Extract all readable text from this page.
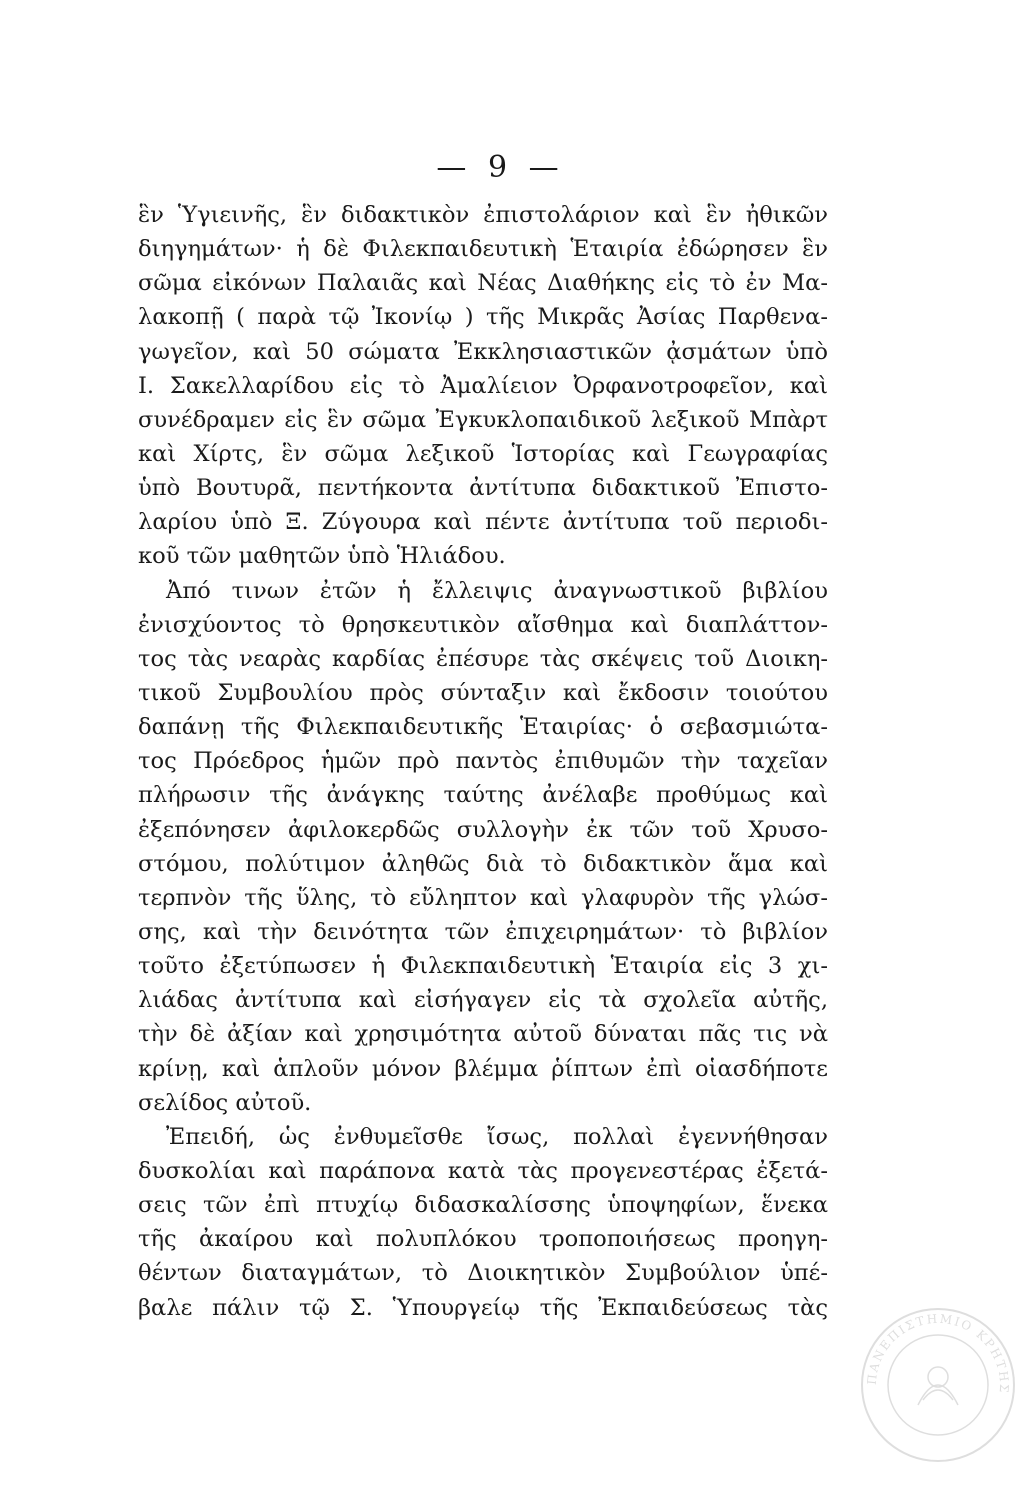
— 9 —
ἓν Ὑγιεινῆς, ἓν διδακτικὸν ἐπιστολάριον καὶ ἓν ἠθικῶν
διηγημάτων· ἡ δὲ Φιλεκπαιδευτικὴ Ἑταιρία ἐδώρησεν ἓν
σῶμα εἰκόνων Παλαιᾶς καὶ Νέας Διαθήκης εἰς τὸ ἐν Μα-
λακοπῇ ( παρὰ τῷ Ἰκονίῳ ) τῆς Μικρᾶς Ἀσίας Παρθενα-
γωγεῖον, καὶ 50 σώματα Ἐκκλησιαστικῶν ᾀσμάτων ὑπὸ
Ι. Σακελλαρίδου εἰς τὸ Ἀμαλίειον Ὀρφανοτροφεῖον, καὶ
συνέδραμεν εἰς ἓν σῶμα Ἐγκυκλοπαιδικοῦ λεξικοῦ Μπὰρτ
καὶ Χίρτς, ἓν σῶμα λεξικοῦ Ἱστορίας καὶ Γεωγραφίας
ὑπὸ Βουτυρᾶ, πεντήκοντα ἀντίτυπα διδακτικοῦ Ἐπιστο-
λαρίου ὑπὸ Ξ. Ζύγουρα καὶ πέντε ἀντίτυπα τοῦ περιοδι-
κοῦ τῶν μαθητῶν ὑπὸ Ἡλιάδου.
Ἀπό τινων ἐτῶν ἡ ἔλλειψις ἀναγνωστικοῦ βιβλίου
ἐνισχύοντος τὸ θρησκευτικὸν αἴσθημα καὶ διαπλάττον-
τος τὰς νεαρὰς καρδίας ἐπέσυρε τὰς σκέψεις τοῦ Διοικη-
τικοῦ Συμβουλίου πρὸς σύνταξιν καὶ ἔκδοσιν τοιούτου
δαπάνῃ τῆς Φιλεκπαιδευτικῆς Ἑταιρίας· ὁ σεβασμιώτα-
τος Πρόεδρος ἡμῶν πρὸ παντὸς ἐπιθυμῶν τὴν ταχεῖαν
πλήρωσιν τῆς ἀνάγκης ταύτης ἀνέλαβε προθύμως καὶ
ἐξεπόνησεν ἀφιλοκερδῶς συλλογὴν ἐκ τῶν τοῦ Χρυσο-
στόμου, πολύτιμον ἀληθῶς διὰ τὸ διδακτικὸν ἅμα καὶ
τερπνὸν τῆς ὕλης, τὸ εὔληπτον καὶ γλαφυρὸν τῆς γλώσ-
σης, καὶ τὴν δεινότητα τῶν ἐπιχειρημάτων· τὸ βιβλίον
τοῦτο ἐξετύπωσεν ἡ Φιλεκπαιδευτικὴ Ἑταιρία εἰς 3 χι-
λιάδας ἀντίτυπα καὶ εἰσήγαγεν εἰς τὰ σχολεῖα αὐτῆς,
τὴν δὲ ἀξίαν καὶ χρησιμότητα αὐτοῦ δύναται πᾶς τις νὰ
κρίνῃ, καὶ ἁπλοῦν μόνον βλέμμα ῥίπτων ἐπὶ οἱασδήποτε
σελίδος αὐτοῦ.
Ἐπειδή, ὡς ἐνθυμεῖσθε ἴσως, πολλαὶ ἐγεννήθησαν
δυσκολίαι καὶ παράπονα κατὰ τὰς προγενεστέρας ἐξετά-
σεις τῶν ἐπὶ πτυχίῳ διδασκαλίσσης ὑποψηφίων, ἕνεκα
τῆς ἀκαίρου καὶ πολυπλόκου τροποποιήσεως προηγη-
θέντων διαταγμάτων, τὸ Διοικητικὸν Συμβούλιον ὑπέ-
βαλε πάλιν τῷ Σ. Ὑπουργείῳ τῆς Ἐκπαιδεύσεως τὰς
ΠΑΝΕΠΙΣΤΗΜΙΟ ΚΡΗΤΗΣ
